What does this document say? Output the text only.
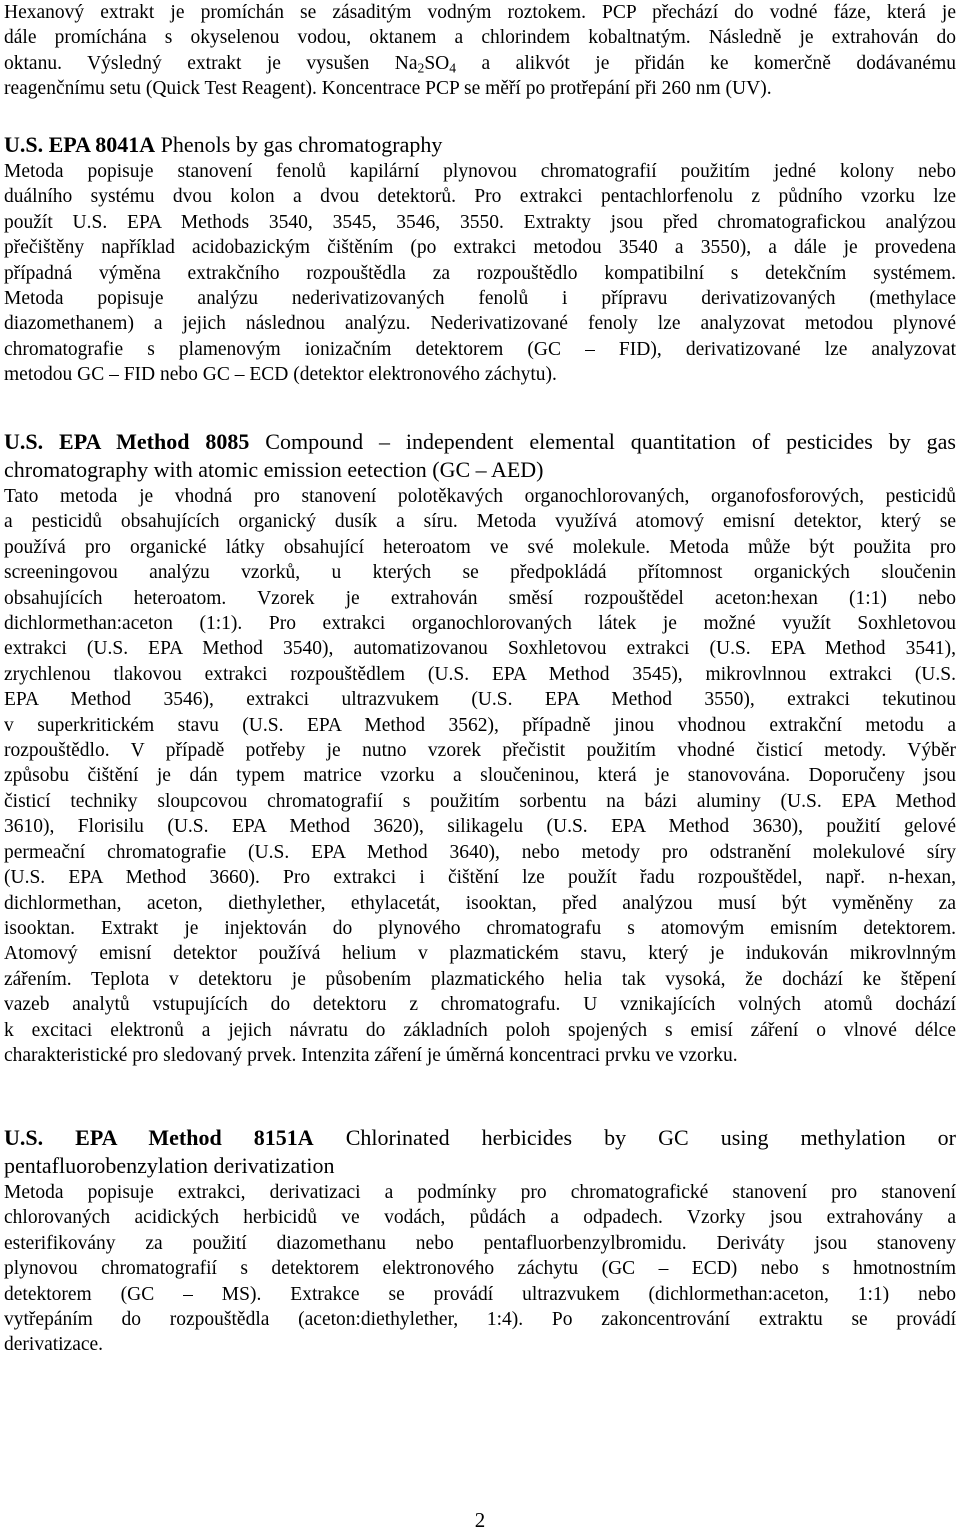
Hexanový extrakt je promíchán se zásaditým vodným roztokem. PCP přechází do vodné fáze, která je
dále promíchána s okyselenou vodou, oktanem a chlorindem kobaltnatým. Následně je extrahován do
oktanu. Výsledný extrakt je vysušen $Na_2SO_4$ a alikvót je přidán ke komerčně dodávanému
reagenčnímu setu (Quick Test Reagent). Koncentrace PCP se měří po protřepání při 260 nm (UV).

U.S. EPA 8041A Phenols by gas chromatography

Metoda popisuje stanovení fenolů kapilární plynovou chromatografií použitím jedné kolony nebo
duálního systému dvou kolon a dvou detektorů. Pro extrakci pentachlorfenolu z půdního vzorku lze
použít U.S. EPA Methods 3540, 3545, 3546, 3550. Extrakty jsou před chromatografickou analýzou
přečištěny například acidobazickým čištěním (po extrakci metodou 3540 a 3550), a dále je provedena
případná výměna extrakčního rozpouštědla za rozpouštědlo kompatibilní s detekčním systémem.
Metoda popisuje analýzu nederivatizovaných fenolů i přípravu derivatizovaných (methylace
diazomethanem) a jejich následnou analýzu. Nederivatizované fenoly lze analyzovat metodou plynové
chromatografie s plamenovým ionizačním detektorem (GC – FID), derivatizované lze analyzovat
metodou GC – FID nebo GC – ECD (detektor elektronového záchytu).

U.S. EPA Method 8085 Compound – independent elemental quantitation of pesticides by gas
chromatography with atomic emission eetection (GC – AED)

Tato metoda je vhodná pro stanovení polotěkavých organochlorovaných, organofosforových, pesticidů
a pesticidů obsahujících organický dusík a síru. Metoda využívá atomový emisní detektor, který se
používá pro organické látky obsahující heteroatom ve své molekule. Metoda může být použita pro
screeningovou analýzu vzorků, u kterých se předpokládá přítomnost organických sloučenin
obsahujících heteroatom. Vzorek je extrahován směsí rozpouštědel aceton:hexan (1:1) nebo
dichlormethan:aceton (1:1). Pro extrakci organochlorovaných látek je možné využít Soxhletovou
extrakci (U.S. EPA Method 3540), automatizovanou Soxhletovou extrakci (U.S. EPA Method 3541),
zrychlenou tlakovou extrakci rozpouštědlem (U.S. EPA Method 3545), mikrovlnnou extrakci (U.S.
EPA Method 3546), extrakci ultrazvukem (U.S. EPA Method 3550), extrakci tekutinou
v superkritickém stavu (U.S. EPA Method 3562), případně jinou vhodnou extrakční metodu a
rozpouštědlo. V případě potřeby je nutno vzorek přečistit použitím vhodné čisticí metody. Výběr
způsobu čištění je dán typem matrice vzorku a sloučeninou, která je stanovována. Doporučeny jsou
čisticí techniky sloupcovou chromatografií s použitím sorbentu na bázi aluminy (U.S. EPA Method
3610), Florisilu (U.S. EPA Method 3620), silikagelu (U.S. EPA Method 3630), použití gelové
permeační chromatografie (U.S. EPA Method 3640), nebo metody pro odstranění molekulové síry
(U.S. EPA Method 3660). Pro extrakci i čištění lze použít řadu rozpouštědel, např. n-hexan,
dichlormethan, aceton, diethylether, ethylacetát, isooktan, před analýzou musí být vyměněny za
isooktan. Extrakt je injektován do plynového chromatografu s atomovým emisním detektorem.
Atomový emisní detektor používá helium v plazmatickém stavu, který je indukován mikrovlnným
zářením. Teplota v detektoru je působením plazmatického helia tak vysoká, že dochází ke štěpení
vazeb analytů vstupujících do detektoru z chromatografu. U vznikajících volných atomů dochází
k excitaci elektronů a jejich návratu do základních poloh spojených s emisí záření o vlnové délce
charakteristické pro sledovaný prvek. Intenzita záření je úměrná koncentraci prvku ve vzorku.

U.S. EPA Method 8151A Chlorinated herbicides by GC using methylation or
pentafluorobenzylation derivatization

Metoda popisuje extrakci, derivatizaci a podmínky pro chromatografické stanovení pro stanovení
chlorovaných acidických herbicidů ve vodách, půdách a odpadech. Vzorky jsou extrahovány a
esterifikovány za použití diazomethanu nebo pentafluorbenzylbromidu. Deriváty jsou stanoveny
plynovou chromatografií s detektorem elektronového záchytu (GC – ECD) nebo s hmotnostním
detektorem (GC – MS). Extrakce se provádí ultrazvukem (dichlormethan:aceton, 1:1) nebo
vytřepáním do rozpouštědla (aceton:diethylether, 1:4). Po zakoncentrování extraktu se provádí
derivatizace.

2
